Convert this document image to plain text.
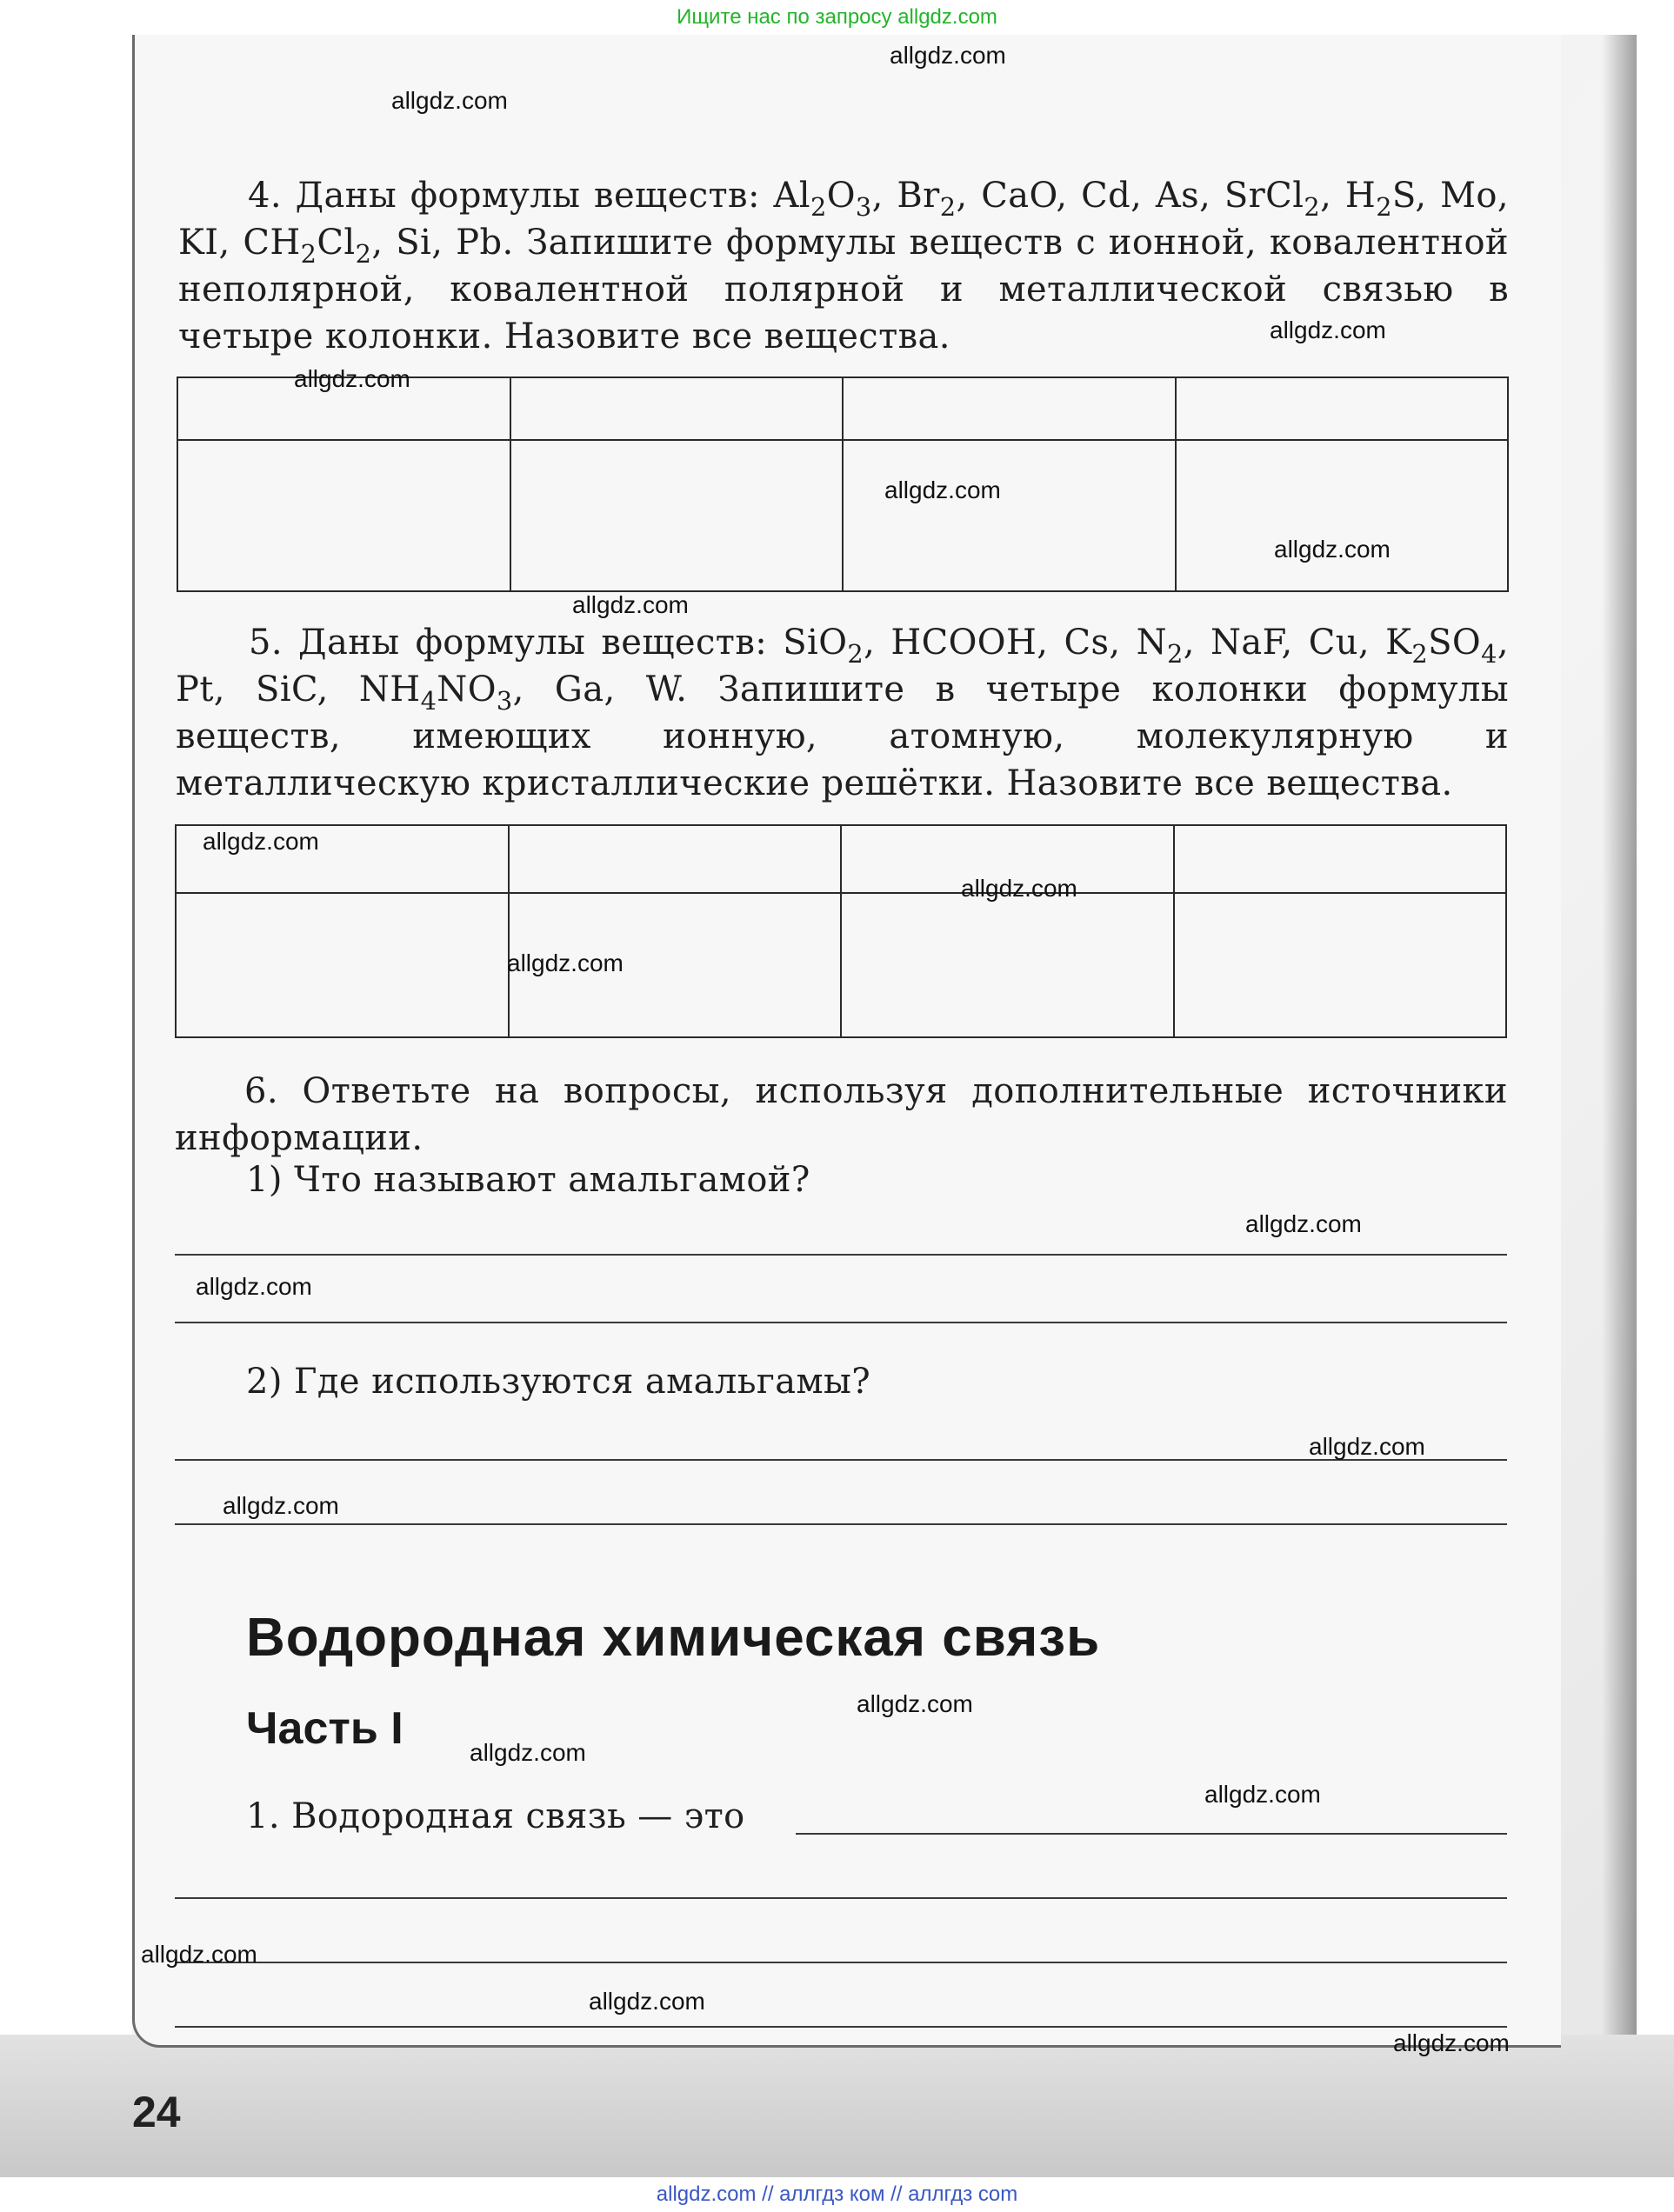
Ищите нас по запросу allgdz.com

4. Даны формулы веществ: $Al_2O_3$, $Br_2$, CaO, Cd, As, SrCl$_2$, $H_2S$, Mo, KI, $CH_2Cl_2$, Si, Pb. Запишите формулы веществ с ионной, ковалентной неполярной, ковалентной полярной и металлической связью в четыре колонки. Назовите все вещества.

5. Даны формулы веществ: SiO$_2$, HCOOH, Cs, $N_2$, NaF, Cu, $K_2SO_4$, Pt, SiC, $NH_4NO_3$, Ga, W. Запишите в четыре колонки формулы веществ, имеющих ионную, атомную, молекулярную и металлическую кристаллические решётки. Назовите все вещества.

6. Ответьте на вопросы, используя дополнительные источники информации.

1) Что называют амальгамой?

2) Где используются амальгамы?

Водородная химическая связь
Часть I

1. Водородная связь — это

24
allgdz.com
allgdz.com
allgdz.com
allgdz.com
allgdz.com
allgdz.com
allgdz.com
allgdz.com
allgdz.com
allgdz.com
allgdz.com
allgdz.com
allgdz.com
allgdz.com
allgdz.com
allgdz.com
allgdz.com
allgdz.com
allgdz.com
allgdz.com
allgdz.com // аллгдз ком // аллгдз com
